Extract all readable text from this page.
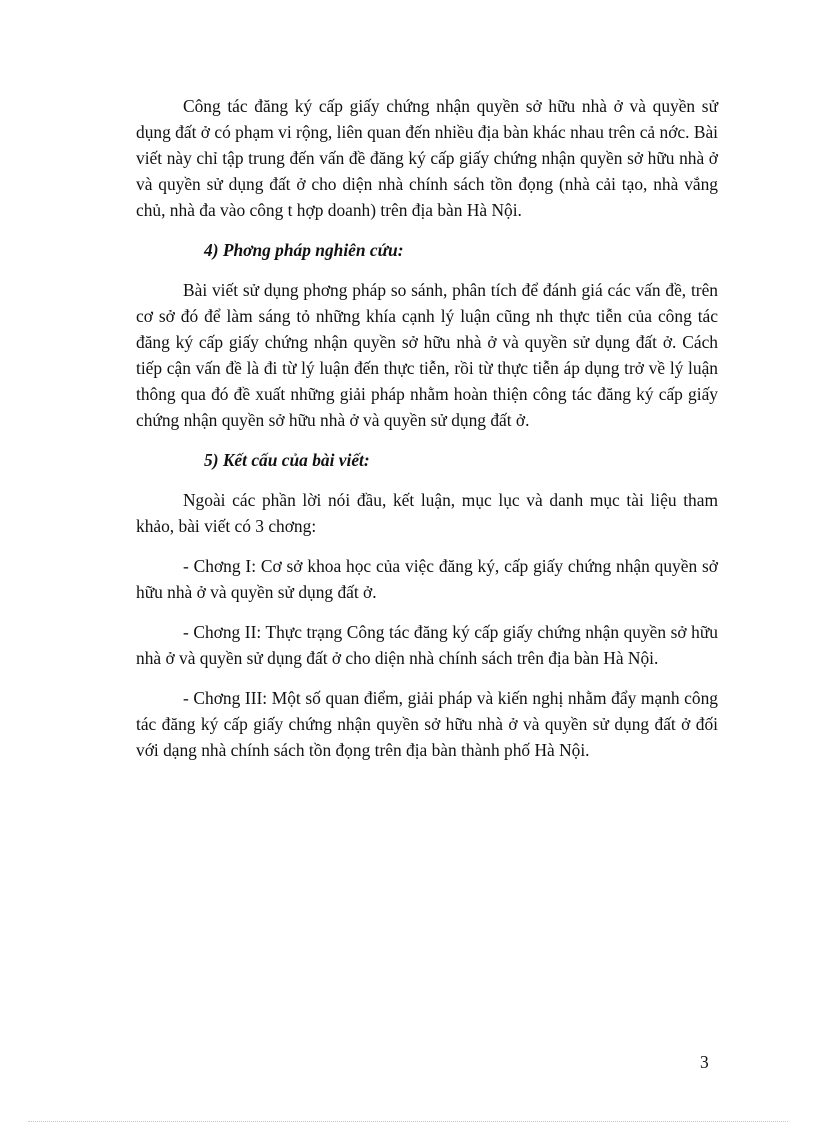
Công tác đăng ký cấp giấy chứng nhận quyền sở hữu nhà ở và quyền sử dụng đất ở có phạm vi rộng, liên quan đến nhiều địa bàn khác nhau trên cả nớc. Bài viết này chỉ tập trung đến vấn đề đăng ký cấp giấy chứng nhận quyền sở hữu nhà ở và quyền sử dụng đất ở cho diện nhà chính sách tồn đọng (nhà cải tạo, nhà vắng chủ, nhà đa vào công t hợp doanh) trên địa bàn Hà Nội.

4) Phơng pháp nghiên cứu:

Bài viết sử dụng phơng pháp so sánh, phân tích để đánh giá các vấn đề, trên cơ sở đó để làm sáng tỏ những khía cạnh lý luận cũng nh thực tiễn của công tác đăng ký cấp giấy chứng nhận quyền sở hữu nhà ở và quyền sử dụng đất ở. Cách tiếp cận vấn đề là đi từ lý luận đến thực tiễn, rồi từ thực tiễn áp dụng trở về lý luận thông qua đó đề xuất những giải pháp nhằm hoàn thiện công tác đăng ký cấp giấy chứng nhận quyền sở hữu nhà ở và quyền sử dụng đất ở.

5) Kết cấu của bài viết:

Ngoài các phần lời nói đầu, kết luận, mục lục và danh mục tài liệu tham khảo, bài viết có 3 chơng:

- Chơng I: Cơ sở khoa học của việc đăng ký, cấp giấy chứng nhận quyền sở hữu nhà ở và quyền sử dụng đất ở.

- Chơng II: Thực trạng Công tác đăng ký cấp giấy chứng nhận quyền sở hữu nhà ở và quyền sử dụng đất ở cho diện nhà chính sách trên địa bàn Hà Nội.

- Chơng III: Một số quan điểm, giải pháp và kiến nghị nhằm đẩy mạnh công tác đăng ký cấp giấy chứng nhận quyền sở hữu nhà ở và quyền sử dụng đất ở đối với dạng nhà chính sách tồn đọng trên địa bàn thành phố Hà Nội.

3
